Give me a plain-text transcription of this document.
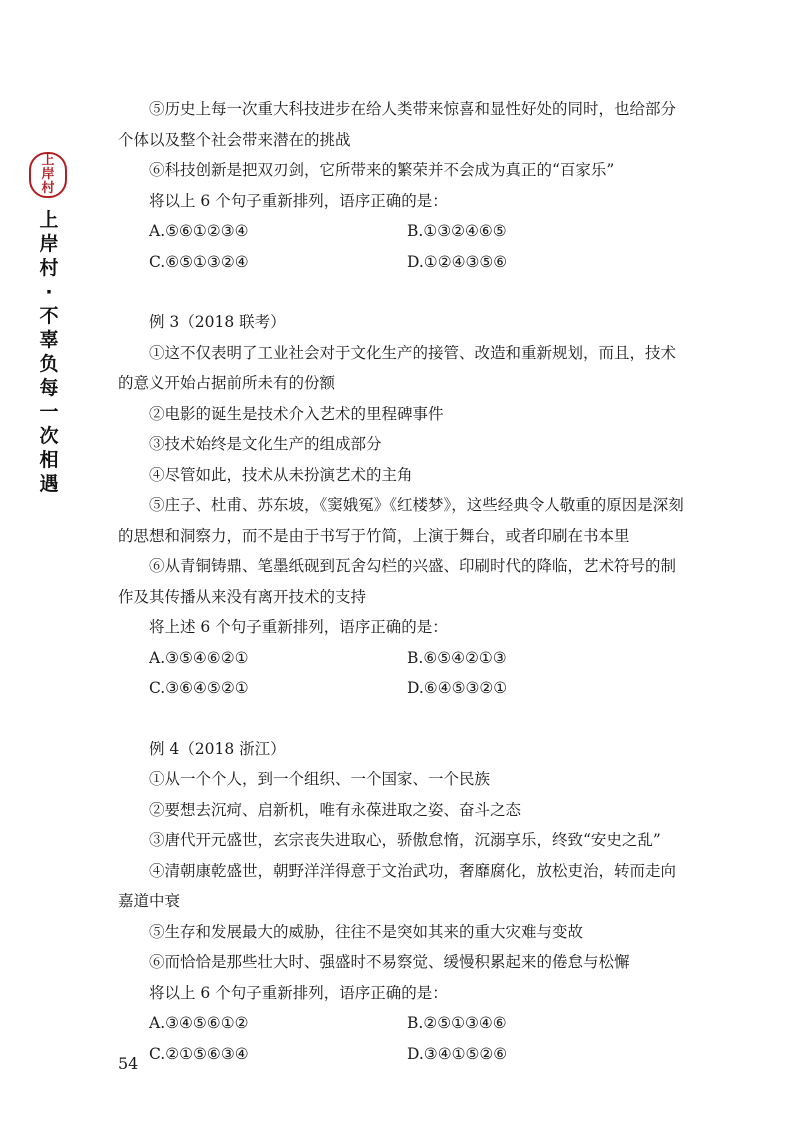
上
岸
村
上
岸
村
·
不
辜
负
每
一
次
相
遇

⑤历史上每一次重大科技进步在给人类带来惊喜和显性好处的同时，也给部分个体以及整个社会带来潜在的挑战

⑥科技创新是把双刃剑，它所带来的繁荣并不会成为真正的“百家乐”

将以上 6 个句子重新排列，语序正确的是：

A.⑤⑥①②③④	B.①③②④⑥⑤
C.⑥⑤①③②④	D.①②④③⑤⑥

例 3（2018 联考）

①这不仅表明了工业社会对于文化生产的接管、改造和重新规划，而且，技术的意义开始占据前所未有的份额

②电影的诞生是技术介入艺术的里程碑事件

③技术始终是文化生产的组成部分

④尽管如此，技术从未扮演艺术的主角

⑤庄子、杜甫、苏东坡，《窦娥冤》《红楼梦》，这些经典令人敬重的原因是深刻的思想和洞察力，而不是由于书写于竹简，上演于舞台，或者印刷在书本里

⑥从青铜铸鼎、笔墨纸砚到瓦舍勾栏的兴盛、印刷时代的降临，艺术符号的制作及其传播从来没有离开技术的支持

将上述 6 个句子重新排列，语序正确的是：

A.③⑤④⑥②①	B.⑥⑤④②①③
C.③⑥④⑤②①	D.⑥④⑤③②①

例 4（2018 浙江）

①从一个个人，到一个组织、一个国家、一个民族

②要想去沉疴、启新机，唯有永葆进取之姿、奋斗之态

③唐代开元盛世，玄宗丧失进取心，骄傲怠惰，沉溺享乐，终致“安史之乱”

④清朝康乾盛世，朝野洋洋得意于文治武功，奢靡腐化，放松吏治，转而走向嘉道中衰

⑤生存和发展最大的威胁，往往不是突如其来的重大灾难与变故

⑥而恰恰是那些壮大时、强盛时不易察觉、缓慢积累起来的倦怠与松懈

将以上 6 个句子重新排列，语序正确的是：

A.③④⑤⑥①②	B.②⑤①③④⑥
C.②①⑤⑥③④	D.③④①⑤②⑥
54
